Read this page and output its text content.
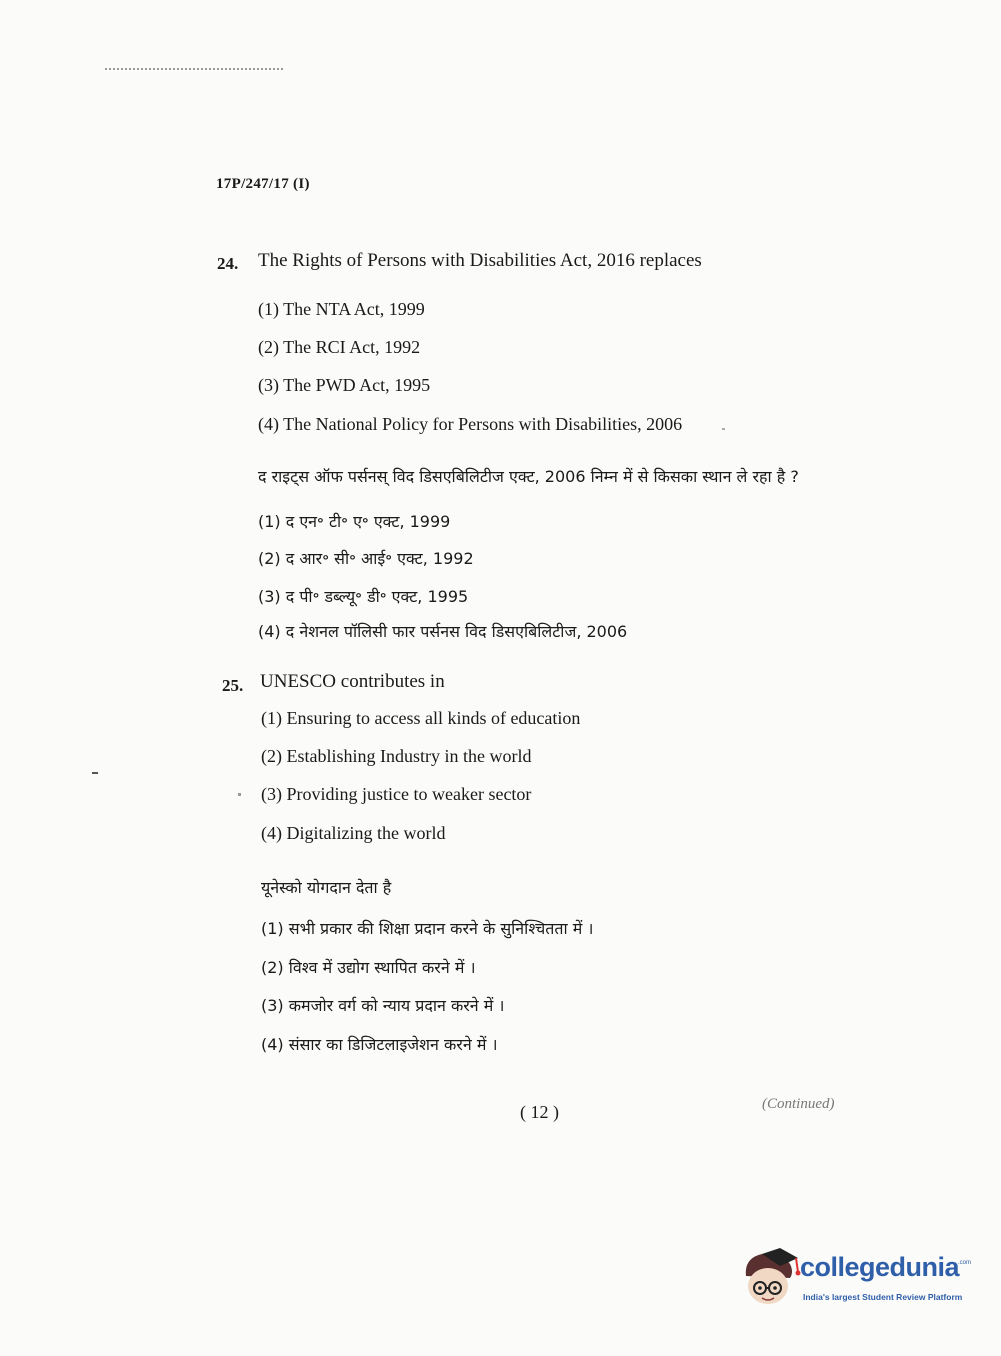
17P/247/17 (I)
24. The Rights of Persons with Disabilities Act, 2016 replaces
(1) The NTA Act, 1999
(2) The RCI Act, 1992
(3) The PWD Act, 1995
(4) The National Policy for Persons with Disabilities, 2006
द राइट्स ऑफ पर्सनस् विद डिसएबिलिटीज एक्ट, 2006 निम्न में से किसका स्थान ले रहा है ?
(1) द एन॰ टी॰ ए॰ एक्ट, 1999
(2) द आर॰ सी॰ आई॰ एक्ट, 1992
(3) द पी॰ डब्ल्यू॰ डी॰ एक्ट, 1995
(4) द नेशनल पॉलिसी फार पर्सनस विद डिसएबिलिटीज, 2006
25. UNESCO contributes in
(1) Ensuring to access all kinds of education
(2) Establishing Industry in the world
(3) Providing justice to weaker sector
(4) Digitalizing the world
यूनेस्को योगदान देता है
(1) सभी प्रकार की शिक्षा प्रदान करने के सुनिश्चितता में ।
(2) विश्व में उद्योग स्थापित करने में ।
(3) कमजोर वर्ग को न्याय प्रदान करने में ।
(4) संसार का डिजिटलाइजेशन करने में ।
( 12 )	(Continued)
collegedunia
.com
India's largest Student Review Platform
